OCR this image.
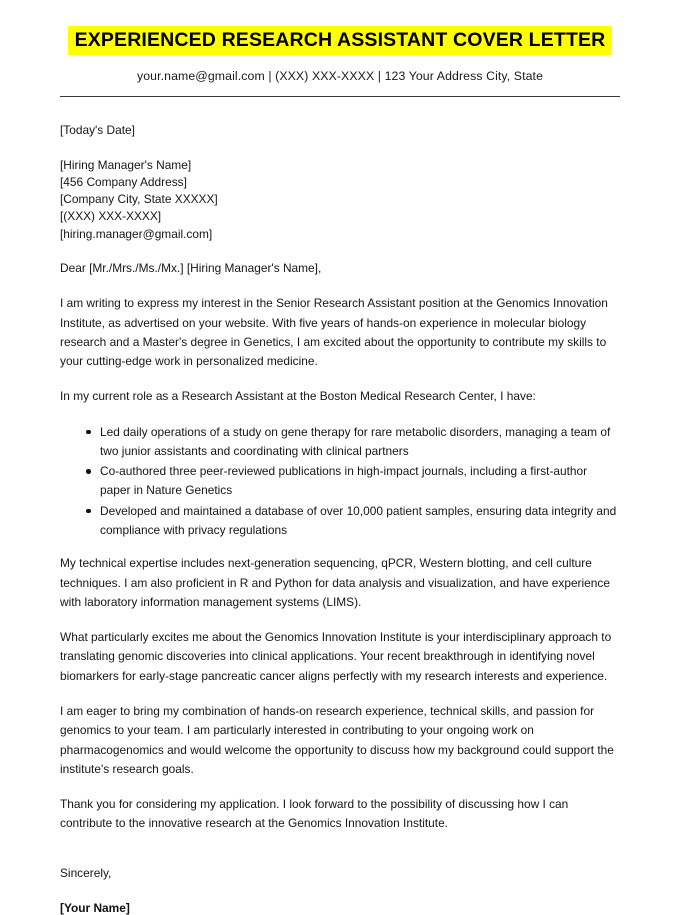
EXPERIENCED RESEARCH ASSISTANT COVER LETTER
your.name@gmail.com | (XXX) XXX-XXXX | 123 Your Address City, State
[Today's Date]
[Hiring Manager's Name]
[456 Company Address]
[Company City, State XXXXX]
[(XXX) XXX-XXXX]
[hiring.manager@gmail.com]

Dear [Mr./Mrs./Ms./Mx.] [Hiring Manager's Name],

I am writing to express my interest in the Senior Research Assistant position at the Genomics Innovation Institute, as advertised on your website. With five years of hands-on experience in molecular biology research and a Master's degree in Genetics, I am excited about the opportunity to contribute my skills to your cutting-edge work in personalized medicine.

In my current role as a Research Assistant at the Boston Medical Research Center, I have:

Led daily operations of a study on gene therapy for rare metabolic disorders, managing a team of two junior assistants and coordinating with clinical partners
Co-authored three peer-reviewed publications in high-impact journals, including a first-author paper in Nature Genetics
Developed and maintained a database of over 10,000 patient samples, ensuring data integrity and compliance with privacy regulations

My technical expertise includes next-generation sequencing, qPCR, Western blotting, and cell culture techniques. I am also proficient in R and Python for data analysis and visualization, and have experience with laboratory information management systems (LIMS).

What particularly excites me about the Genomics Innovation Institute is your interdisciplinary approach to translating genomic discoveries into clinical applications. Your recent breakthrough in identifying novel biomarkers for early-stage pancreatic cancer aligns perfectly with my research interests and experience.

I am eager to bring my combination of hands-on research experience, technical skills, and passion for genomics to your team. I am particularly interested in contributing to your ongoing work on pharmacogenomics and would welcome the opportunity to discuss how my background could support the institute's research goals.

Thank you for considering my application. I look forward to the possibility of discussing how I can contribute to the innovative research at the Genomics Innovation Institute.

Sincerely,

[Your Name]
